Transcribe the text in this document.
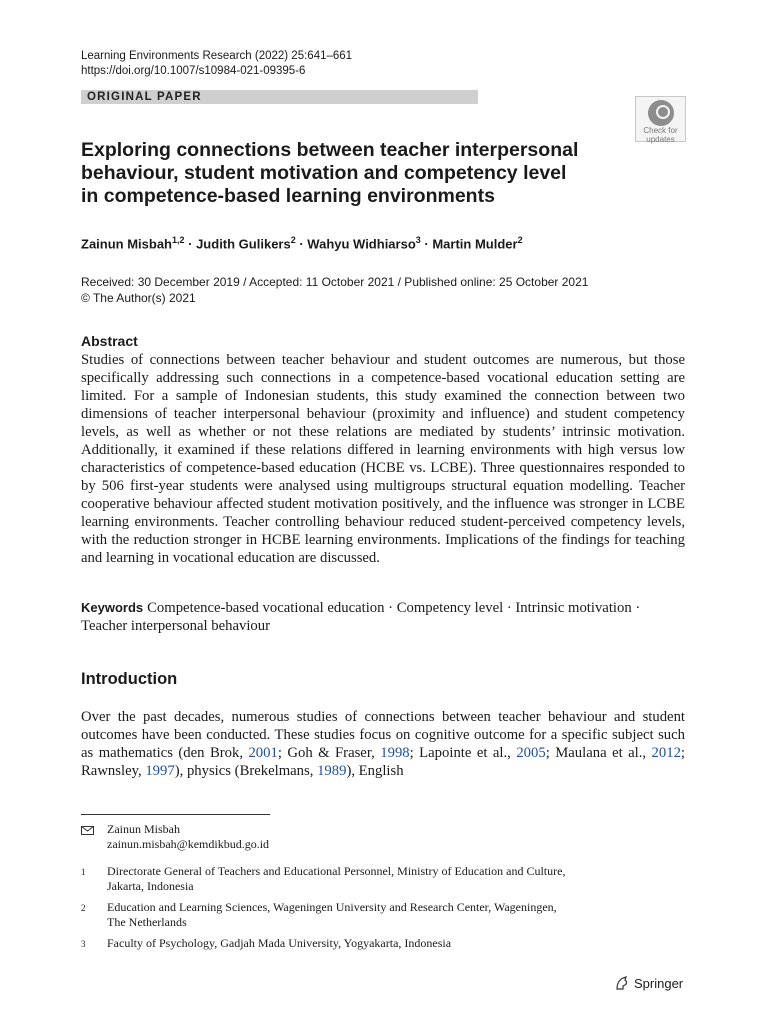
Learning Environments Research (2022) 25:641–661
https://doi.org/10.1007/s10984-021-09395-6
ORIGINAL PAPER
Check for
updates
Exploring connections between teacher interpersonal
behaviour, student motivation and competency level
in competence-based learning environments
Zainun Misbah$^{1,2}$ · Judith Gulikers$^2$ · Wahyu Widhiarso$^3$ · Martin Mulder$^2$
Received: 30 December 2019 / Accepted: 11 October 2021 / Published online: 25 October 2021
© The Author(s) 2021
Abstract
Studies of connections between teacher behaviour and student outcomes are numerous, but those specifically addressing such connections in a competence-based vocational education setting are limited. For a sample of Indonesian students, this study examined the connection between two dimensions of teacher interpersonal behaviour (proximity and influence) and student competency levels, as well as whether or not these relations are mediated by students’ intrinsic motivation. Additionally, it examined if these relations differed in learning environments with high versus low characteristics of competence-based education (HCBE vs. LCBE). Three questionnaires responded to by 506 first-year students were analysed using multigroups structural equation modelling. Teacher cooperative behaviour affected student motivation positively, and the influence was stronger in LCBE learning environments. Teacher controlling behaviour reduced student-perceived competency levels, with the reduction stronger in HCBE learning environments. Implications of the findings for teaching and learning in vocational education are discussed.
Keywords Competence-based vocational education · Competency level · Intrinsic motivation · Teacher interpersonal behaviour
Introduction
Over the past decades, numerous studies of connections between teacher behaviour and student outcomes have been conducted. These studies focus on cognitive outcome for a specific subject such as mathematics (den Brok, 2001; Goh & Fraser, 1998; Lapointe et al., 2005; Maulana et al., 2012; Rawnsley, 1997), physics (Brekelmans, 1989), English
Zainun Misbah
zainun.misbah@kemdikbud.go.id
1 Directorate General of Teachers and Educational Personnel, Ministry of Education and Culture,
Jakarta, Indonesia
2 Education and Learning Sciences, Wageningen University and Research Center, Wageningen,
The Netherlands
3 Faculty of Psychology, Gadjah Mada University, Yogyakarta, Indonesia
Springer
